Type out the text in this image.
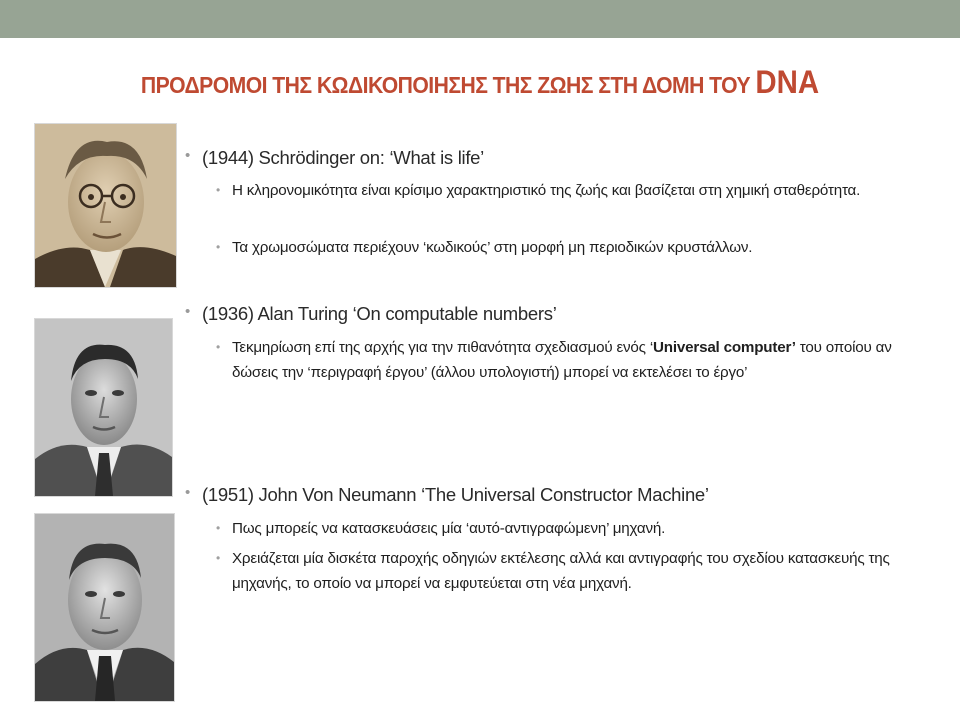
ΠΡΟΔΡΟΜΟΙ ΤΗΣ ΚΩΔΙΚΟΠΟΙΗΣΗΣ ΤΗΣ ΖΩΗΣ ΣΤΗ ΔΟΜΗ ΤΟΥ DNA
• (1944) Schrödinger on: ‘What is life’
• Η κληρονομικότητα είναι κρίσιμο χαρακτηριστικό της ζωής και βασίζεται στη χημική σταθερότητα.
• Τα χρωμοσώματα περιέχουν ‘κωδικούς’ στη μορφή μη περιοδικών κρυστάλλων.
• (1936) Alan Turing ‘On computable numbers’
• Τεκμηρίωση επί της αρχής για την πιθανότητα σχεδιασμού ενός ‘Universal computer’ του οποίου αν δώσεις την ‘περιγραφή έργου’ (άλλου υπολογιστή) μπορεί να εκτελέσει το έργο’
• (1951) John Von Neumann ‘The Universal Constructor Machine’
• Πως μπορείς να κατασκευάσεις μία ‘αυτό-αντιγραφώμενη’ μηχανή.
• Χρειάζεται μία δισκέτα παροχής οδηγιών εκτέλεσης αλλά και αντιγραφής του σχεδίου κατασκευής της μηχανής, το οποίο να μπορεί να εμφυτεύεται στη νέα μηχανή.
